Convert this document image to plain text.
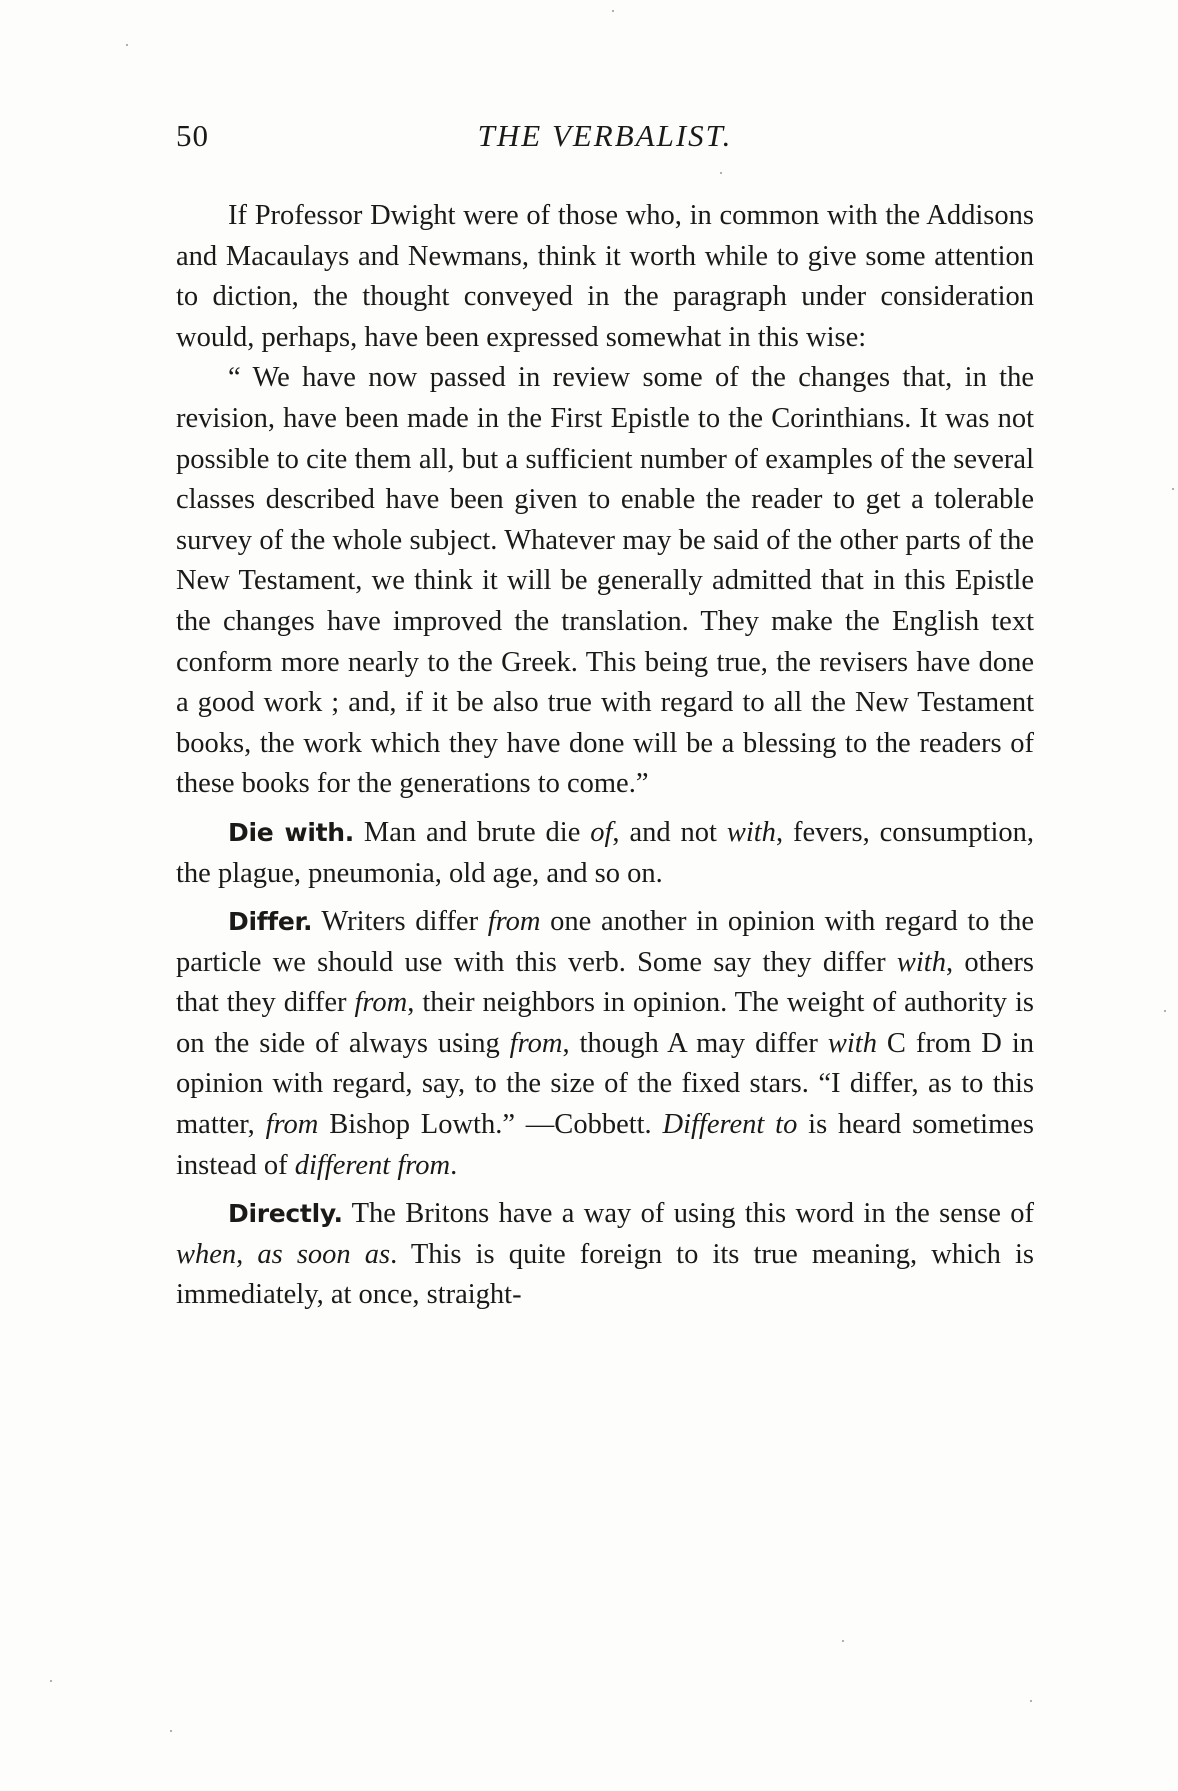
50	THE VERBALIST.

If Professor Dwight were of those who, in common with the Addisons and Macaulays and Newmans, think it worth while to give some attention to diction, the thought conveyed in the paragraph under consideration would, perhaps, have been expressed somewhat in this wise:

“ We have now passed in review some of the changes that, in the revision, have been made in the First Epistle to the Corinthians. It was not possible to cite them all, but a sufficient number of examples of the several classes described have been given to enable the reader to get a tolerable survey of the whole subject. Whatever may be said of the other parts of the New Testament, we think it will be generally admitted that in this Epistle the changes have improved the translation. They make the English text conform more nearly to the Greek. This being true, the revisers have done a good work ; and, if it be also true with regard to all the New Testament books, the work which they have done will be a blessing to the readers of these books for the generations to come.”

Die with. Man and brute die of, and not with, fevers, consumption, the plague, pneumonia, old age, and so on.

Differ. Writers differ from one another in opinion with regard to the particle we should use with this verb. Some say they differ with, others that they differ from, their neighbors in opinion. The weight of authority is on the side of always using from, though A may differ with C from D in opinion with regard, say, to the size of the fixed stars. “I differ, as to this matter, from Bishop Lowth.” —Cobbett. Different to is heard sometimes instead of different from.

Directly. The Britons have a way of using this word in the sense of when, as soon as. This is quite foreign to its true meaning, which is immediately, at once, straight-
